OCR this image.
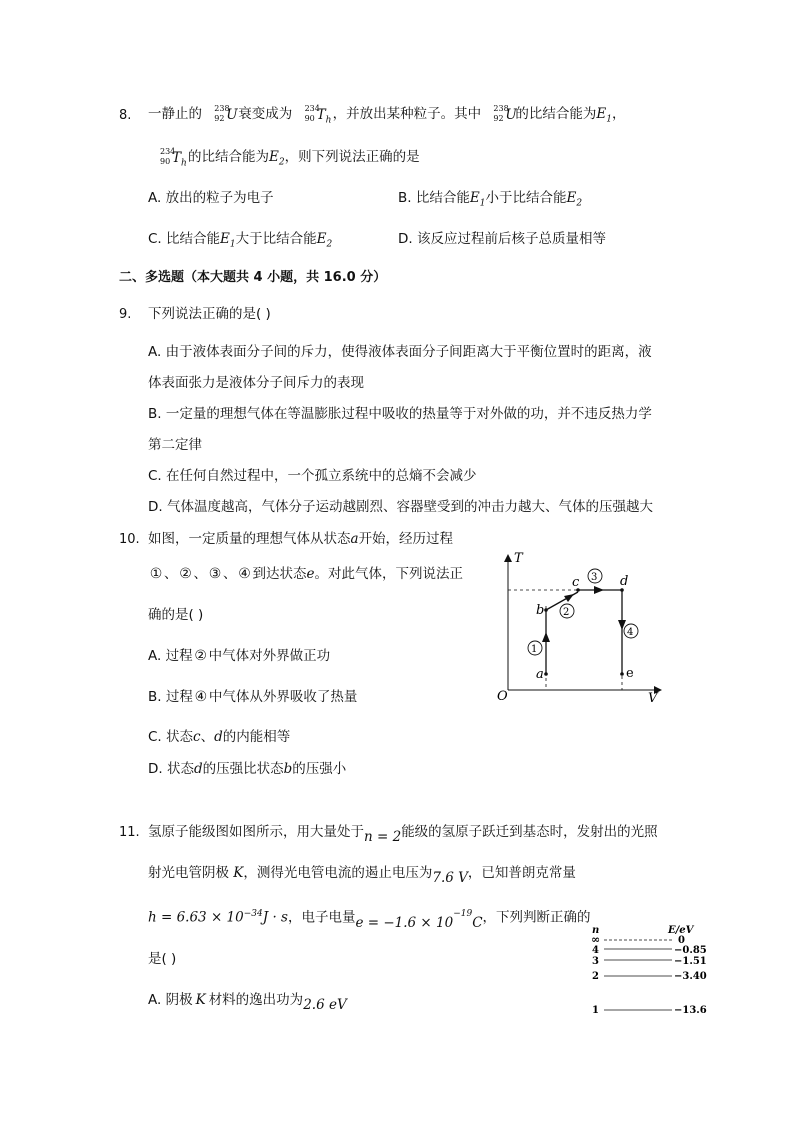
8. 一静止的 238
92 U 衰变成为 234
90 $T_h$ ，并放出某种粒子。其中 238
92 U
的比结合能为$E_1$，
234
90 $T_h$ 的比结合能为$E_2$，则下列说法正确的是
A. 放出的粒子为电子	B. 比结合能$E_1$小于比结合能$E_2$
C. 比结合能$E_1$大于比结合能$E_2$	D. 该反应过程前后核子总质量相等
二、多选题（本大题共 4 小题，共 16.0 分）
9. 下列说法正确的是( )
A. 由于液体表面分子间的斥力，使得液体表面分子间距离大于平衡位置时的距离，液
体表面张力是液体分子间斥力的表现
B. 一定量的理想气体在等温膨胀过程中吸收的热量等于对外做的功，并不违反热力学
第二定律
C. 在任何自然过程中，一个孤立系统中的总熵不会减少
D. 气体温度越高，气体分子运动越剧烈、容器壁受到的冲击力越大、气体的压强越大
10. 如图，一定质量的理想气体从状态a开始，经历过程
① 、 ② 、 ③ 、 ④ 到达状态e。对此气体，下列说法正
确的是( )
A. 过程 ② 中气体对外界做正功
B. 过程 ④ 中气体从外界吸收了热量
C. 状态c、d的内能相等
D. 状态d的压强比状态b的压强小
T
V
O
a
b
c	d
e
1
2
3
4
11. 氢原子能级图如图所示，用大量处于n = 2能级的氢原子跃迁到基态时，发射出的光照
射光电管阴极 K，测得光电管电流的遏止电压为7.6 V，已知普朗克常量
$h = 6.63 \times 10^{-34}J \cdot s$，电子电量$e = -1.6 \times 10^{-19}C$，下列判断正确的
是( )
A. 阴极 K 材料的逸出功为2.6 eV
n	E/eV
∞	0
4	−0.85
3	−1.51
2	−3.40
1	−13.6
